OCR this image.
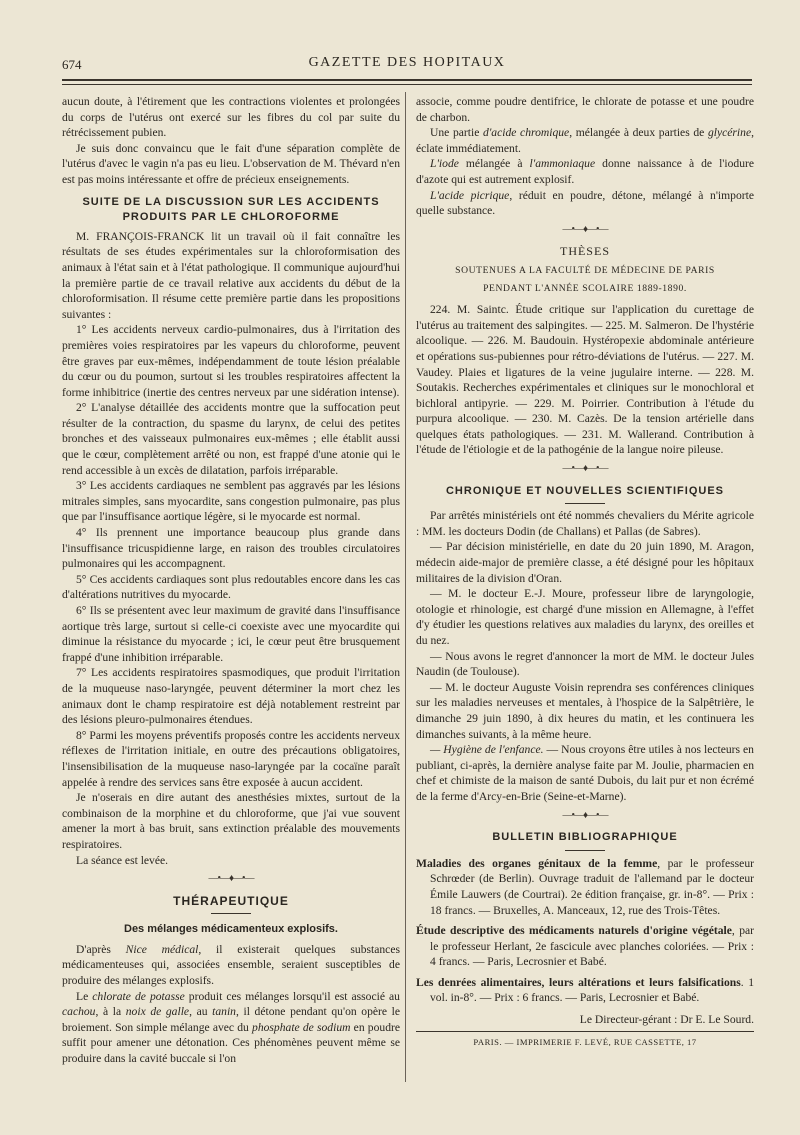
674	GAZETTE DES HOPITAUX

aucun doute, à l'étirement que les contractions violentes et prolongées du corps de l'utérus ont exercé sur les fibres du col par suite du rétrécissement pubien.

Je suis donc convaincu que le fait d'une séparation complète de l'utérus d'avec le vagin n'a pas eu lieu. L'observation de M. Thévard n'en est pas moins intéressante et offre de précieux enseignements.

SUITE DE LA DISCUSSION SUR LES ACCIDENTS PRODUITS PAR LE CHLOROFORME

M. FRANÇOIS-FRANCK lit un travail où il fait connaître les résultats de ses études expérimentales sur la chloroformisation des animaux à l'état sain et à l'état pathologique. Il communique aujourd'hui la première partie de ce travail relative aux accidents du début de la chloroformisation. Il résume cette première partie dans les propositions suivantes :

1° Les accidents nerveux cardio-pulmonaires, dus à l'irritation des premières voies respiratoires par les vapeurs du chloroforme, peuvent être graves par eux-mêmes, indépendamment de toute lésion préalable du cœur ou du poumon, surtout si les troubles respiratoires affectent la forme inhibitrice (inertie des centres nerveux par une sidération intense).

2° L'analyse détaillée des accidents montre que la suffocation peut résulter de la contraction, du spasme du larynx, de celui des petites bronches et des vaisseaux pulmonaires eux-mêmes ; elle établit aussi que le cœur, complètement arrêté ou non, est frappé d'une atonie qui le rend accessible à un excès de dilatation, parfois irréparable.

3° Les accidents cardiaques ne semblent pas aggravés par les lésions mitrales simples, sans myocardite, sans congestion pulmonaire, pas plus que par l'insuffisance aortique légère, si le myocarde est normal.

4° Ils prennent une importance beaucoup plus grande dans l'insuffisance tricuspidienne large, en raison des troubles circulatoires pulmonaires qui les accompagnent.

5° Ces accidents cardiaques sont plus redoutables encore dans les cas d'altérations nutritives du myocarde.

6° Ils se présentent avec leur maximum de gravité dans l'insuffisance aortique très large, surtout si celle-ci coexiste avec une myocardite qui diminue la résistance du myocarde ; ici, le cœur peut être brusquement frappé d'une inhibition irréparable.

7° Les accidents respiratoires spasmodiques, que produit l'irritation de la muqueuse naso-laryngée, peuvent déterminer la mort chez les animaux dont le champ respiratoire est déjà notablement restreint par des lésions pleuro-pulmonaires étendues.

8° Parmi les moyens préventifs proposés contre les accidents nerveux réflexes de l'irritation initiale, en outre des précautions obligatoires, l'insensibilisation de la muqueuse naso-laryngée par la cocaïne paraît appelée à rendre des services sans être exposée à aucun accident.

Je n'oserais en dire autant des anesthésies mixtes, surtout de la combinaison de la morphine et du chloroforme, que j'ai vue souvent amener la mort à bas bruit, sans extinction préalable des mouvements respiratoires.

La séance est levée.

—•—♦—•—
THÉRAPEUTIQUE
Des mélanges médicamenteux explosifs.

D'après Nice médical, il existerait quelques substances médicamenteuses qui, associées ensemble, seraient susceptibles de produire des mélanges explosifs.

Le chlorate de potasse produit ces mélanges lorsqu'il est associé au cachou, à la noix de galle, au tanin, il détone pendant qu'on opère le broiement. Son simple mélange avec du phosphate de sodium en poudre suffit pour amener une détonation. Ces phénomènes peuvent même se produire dans la cavité buccale si l'on

associe, comme poudre dentifrice, le chlorate de potasse et une poudre de charbon.

Une partie d'acide chromique, mélangée à deux parties de glycérine, éclate immédiatement.

L'iode mélangée à l'ammoniaque donne naissance à de l'iodure d'azote qui est autrement explosif.

L'acide picrique, réduit en poudre, détone, mélangé à n'importe quelle substance.

—•—♦—•—
THÈSES
SOUTENUES A LA FACULTÉ DE MÉDECINE DE PARIS
PENDANT L'ANNÉE SCOLAIRE 1889-1890.

224. M. Saintc. Étude critique sur l'application du curettage de l'utérus au traitement des salpingites. — 225. M. Salmeron. De l'hystérie alcoolique. — 226. M. Baudouin. Hystéropexie abdominale antérieure et opérations sus-pubiennes pour rétro-déviations de l'utérus. — 227. M. Vaudey. Plaies et ligatures de la veine jugulaire interne. — 228. M. Soutakis. Recherches expérimentales et cliniques sur le monochloral et bichloral antipyrie. — 229. M. Poirrier. Contribution à l'étude du purpura alcoolique. — 230. M. Cazès. De la tension artérielle dans quelques états pathologiques. — 231. M. Wallerand. Contribution à l'étude de l'étiologie et de la pathogénie de la langue noire pileuse.

—•—♦—•—
CHRONIQUE ET NOUVELLES SCIENTIFIQUES

Par arrêtés ministériels ont été nommés chevaliers du Mérite agricole : MM. les docteurs Dodin (de Challans) et Pallas (de Sabres).

— Par décision ministérielle, en date du 20 juin 1890, M. Aragon, médecin aide-major de première classe, a été désigné pour les hôpitaux militaires de la division d'Oran.

— M. le docteur E.-J. Moure, professeur libre de laryngologie, otologie et rhinologie, est chargé d'une mission en Allemagne, à l'effet d'y étudier les questions relatives aux maladies du larynx, des oreilles et du nez.

— Nous avons le regret d'annoncer la mort de MM. le docteur Jules Naudin (de Toulouse).

— M. le docteur Auguste Voisin reprendra ses conférences cliniques sur les maladies nerveuses et mentales, à l'hospice de la Salpêtrière, le dimanche 29 juin 1890, à dix heures du matin, et les continuera les dimanches suivants, à la même heure.

— Hygiène de l'enfance. — Nous croyons être utiles à nos lecteurs en publiant, ci-après, la dernière analyse faite par M. Joulie, pharmacien en chef et chimiste de la maison de santé Dubois, du lait pur et non écrémé de la ferme d'Arcy-en-Brie (Seine-et-Marne).

—•—♦—•—
BULLETIN BIBLIOGRAPHIQUE

Maladies des organes génitaux de la femme, par le professeur Schrœder (de Berlin). Ouvrage traduit de l'allemand par le docteur Émile Lauwers (de Courtrai). 2e édition française, gr. in-8°. — Prix : 18 francs. — Bruxelles, A. Manceaux, 12, rue des Trois-Têtes.

Étude descriptive des médicaments naturels d'origine végétale, par le professeur Herlant, 2e fascicule avec planches coloriées. — Prix : 4 francs. — Paris, Lecrosnier et Babé.

Les denrées alimentaires, leurs altérations et leurs falsifications. 1 vol. in-8°. — Prix : 6 francs. — Paris, Lecrosnier et Babé.

Le Directeur-gérant : Dr E. Le Sourd.
PARIS. — IMPRIMERIE F. LEVÉ, RUE CASSETTE, 17
